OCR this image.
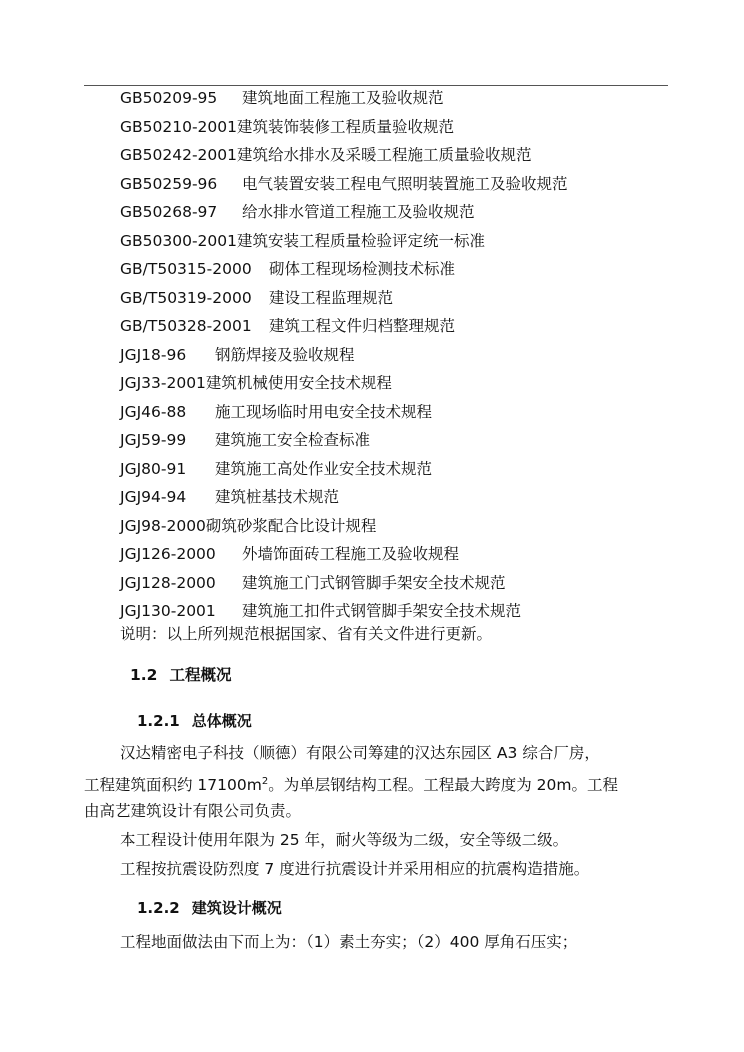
GB50209-95 建筑地面工程施工及验收规范
GB50210-2001建筑装饰装修工程质量验收规范
GB50242-2001建筑给水排水及采暖工程施工质量验收规范
GB50259-96 电气装置安装工程电气照明装置施工及验收规范
GB50268-97 给水排水管道工程施工及验收规范
GB50300-2001建筑安装工程质量检验评定统一标准
GB/T50315-2000 砌体工程现场检测技术标准
GB/T50319-2000 建设工程监理规范
GB/T50328-2001 建筑工程文件归档整理规范
JGJ18-96 钢筋焊接及验收规程
JGJ33-2001建筑机械使用安全技术规程
JGJ46-88 施工现场临时用电安全技术规程
JGJ59-99 建筑施工安全检查标准
JGJ80-91 建筑施工高处作业安全技术规范
JGJ94-94 建筑桩基技术规范
JGJ98-2000砌筑砂浆配合比设计规程
JGJ126-2000 外墙饰面砖工程施工及验收规程
JGJ128-2000 建筑施工门式钢管脚手架安全技术规范
JGJ130-2001 建筑施工扣件式钢管脚手架安全技术规范
说明：以上所列规范根据国家、省有关文件进行更新。
1.2 工程概况
1.2.1 总体概况
汉达精密电子科技（顺德）有限公司筹建的汉达东园区 A3 综合厂房，
工程建筑面积约 $17100m^2$。为单层钢结构工程。工程最大跨度为 20m。工程
由高艺建筑设计有限公司负责。
本工程设计使用年限为 25 年，耐火等级为二级，安全等级二级。
工程按抗震设防烈度 7 度进行抗震设计并采用相应的抗震构造措施。
1.2.2 建筑设计概况
工程地面做法由下而上为：（1）素土夯实；（2）400 厚角石压实；
